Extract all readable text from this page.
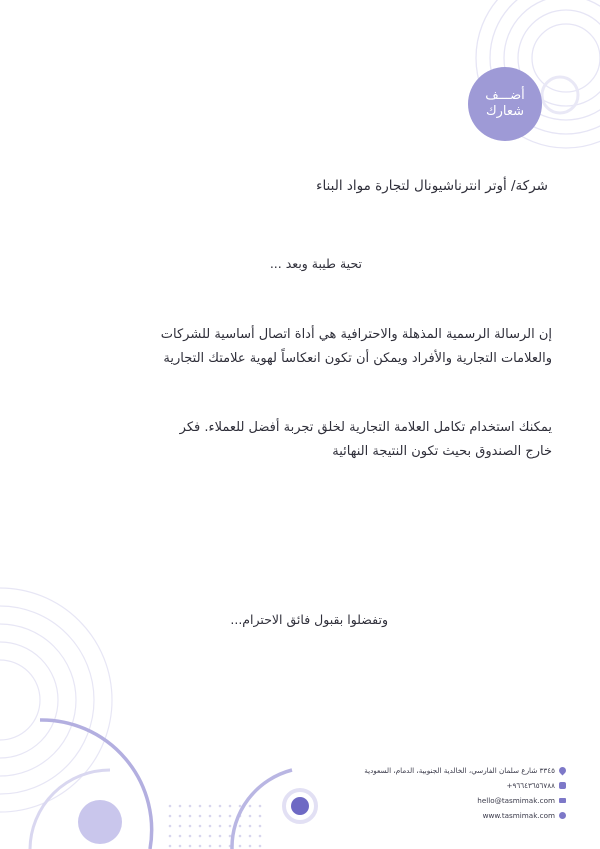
أضـــف
شعارك
شركة/ أوتر انترناشيونال لتجارة مواد البناء
تحية طيبة وبعد ...
إن الرسالة الرسمية المذهلة والاحترافية هي أداة اتصال أساسية للشركات
والعلامات التجارية والأفراد ويمكن أن تكون انعكاساً لهوية علامتك التجارية
يمكنك استخدام تكامل العلامة التجارية لخلق تجربة أفضل للعملاء. فكر
خارج الصندوق بحيث تكون النتيجة النهائية
وتفضلوا بقبول فائق الاحترام...
٣٣٤٥ شارع سلمان الفارسي، الخالدية الجنوبية، الدمام، السعودية
+٩٦٦٤٣٦٥٦٧٨٨
hello@tasmimak.com
www.tasmimak.com
